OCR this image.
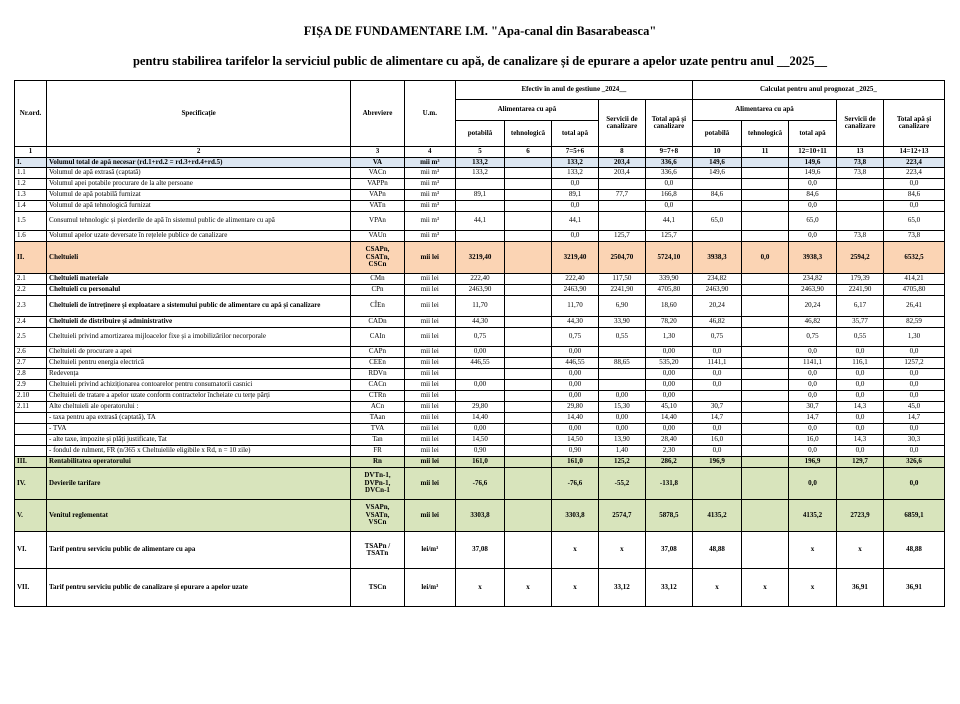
FIȘA DE FUNDAMENTARE I.M. "Apa-canal din Basarabeasca"
pentru stabilirea tarifelor la serviciul public de alimentare cu apă, de canalizare și de epurare a apelor uzate pentru anul __2025__
Nr.ord.	Specificație	Abreviere	U.m.	Efectiv în anul de gestiune _2024__					Calculat pentru anul prognozat _2025_				
				Alimentarea cu apă			Servicii de canalizare	Total apă și canalizare	Alimentarea cu apă			Servicii de canalizare	Total apă și canalizare
				potabilă	tehnologică	total apă			potabilă	tehnologică	total apă		
1	2	3	4	5	6	7=5+6	8	9=7+8	10	11	12=10+11	13	14=12+13
I.	Volumul total de apă necesar (rd.1+rd.2 = rd.3+rd.4+rd.5)	VA	mii m³	133,2		133,2	203,4	336,6	149,6		149,6	73,8	223,4
1.1	Volumul de apă extrasă (captată)	VACn	mii m³	133,2		133,2	203,4	336,6	149,6		149,6	73,8	223,4
1.2	Volumul apei potabile procurare de la alte persoane	VAPPn	mii m³			0,0		0,0			0,0		0,0
1.3	Volumul de apă potabilă furnizat	VAPn	mii m³	89,1		89,1	77,7	166,8	84,6		84,6		84,6
1.4	Volumul de apă tehnologică furnizat	VATn	mii m³			0,0		0,0			0,0		0,0
1.5	Consumul tehnologic și pierderile de apă în sistemul public de alimentare cu apă	VPAn	mii m³	44,1		44,1		44,1	65,0		65,0		65,0
1.6	Volumul apelor uzate deversate în rețelele publice de canalizare	VAUn	mii m³			0,0	125,7	125,7			0,0	73,8	73,8
II.	Cheltuieli	CSAPn,
CSATn,
CSCn	mii lei	3219,40		3219,40	2504,70	5724,10	3938,3	0,0	3938,3	2594,2	6532,5
2.1	Cheltuieli materiale	CMn	mii lei	222,40		222,40	117,50	339,90	234,82		234,82	179,39	414,21
2.2	Cheltuieli cu personalul	CPn	mii lei	2463,90		2463,90	2241,90	4705,80	2463,90		2463,90	2241,90	4705,80
2.3	Cheltuieli de întreținere și exploatare a sistemului public de alimentare cu apă și canalizare	CÎEn	mii lei	11,70		11,70	6,90	18,60	20,24		20,24	6,17	26,41
2.4	Cheltuieli de distribuire și administrative	CADn	mii lei	44,30		44,30	33,90	78,20	46,82		46,82	35,77	82,59
2.5	Cheltuieli privind amortizarea mijloacelor fixe și a imobilizărilor necorporale	CAIn	mii lei	0,75		0,75	0,55	1,30	0,75		0,75	0,55	1,30
2.6	Cheltuieli de procurare a apei	CAPn	mii lei	0,00		0,00		0,00	0,0		0,0	0,0	0,0
2.7	Cheltuieli pentru energia electrică	CEEn	mii lei	446,55		446,55	88,65	535,20	1141,1		1141,1	116,1	1257,2
2.8	Redevența	RDVn	mii lei			0,00		0,00	0,0		0,0	0,0	0,0
2.9	Cheltuieli privind achiziționarea contoarelor pentru consumatorii casnici	CACn	mii lei	0,00		0,00		0,00	0,0		0,0	0,0	0,0
2.10	Cheltuieli de tratare a apelor uzate conform contractelor încheiate cu terțe părți	CTRn	mii lei			0,00	0,00	0,00			0,0	0,0	0,0
2.11	Alte cheltuieli ale operatorului :	ACn	mii lei	29,80		29,80	15,30	45,10	30,7		30,7	14,3	45,0
	- taxa pentru apa extrasă (captată), TA	TAan	mii lei	14,40		14,40	0,00	14,40	14,7		14,7	0,0	14,7
	- TVA	TVA	mii lei	0,00		0,00	0,00	0,00	0,0		0,0	0,0	0,0
	- alte taxe, impozite și plăți justificate, Tat	Tan	mii lei	14,50		14,50	13,90	28,40	16,0		16,0	14,3	30,3
	- fondul de rulment, FR (n/365 x Cheltuielile eligibile x Rd, n = 10 zile)	FR	mii lei	0,90		0,90	1,40	2,30	0,0		0,0	0,0	0,0
III.	Rentabilitatea operatorului	Rn	mii lei	161,0		161,0	125,2	286,2	196,9		196,9	129,7	326,6
IV.	Devierile tarifare	DVTn-1,
DVPn-1,
DVCn-1	mii lei	-76,6		-76,6	-55,2	-131,8			0,0		0,0
V.	Venitul reglementat	VSAPn,
VSATn,
VSCn	mii lei	3303,8		3303,8	2574,7	5878,5	4135,2		4135,2	2723,9	6859,1
VI.	Tarif pentru serviciu public de alimentare cu apa	TSAPn /
TSATn	lei/m³	37,08		x	x	37,08	48,88		x	x	48,88
VII.	Tarif pentru serviciu public de canalizare și epurare a apelor uzate	TSCn	lei/m³	x	x	x	33,12	33,12	x	x	x	36,91	36,91
